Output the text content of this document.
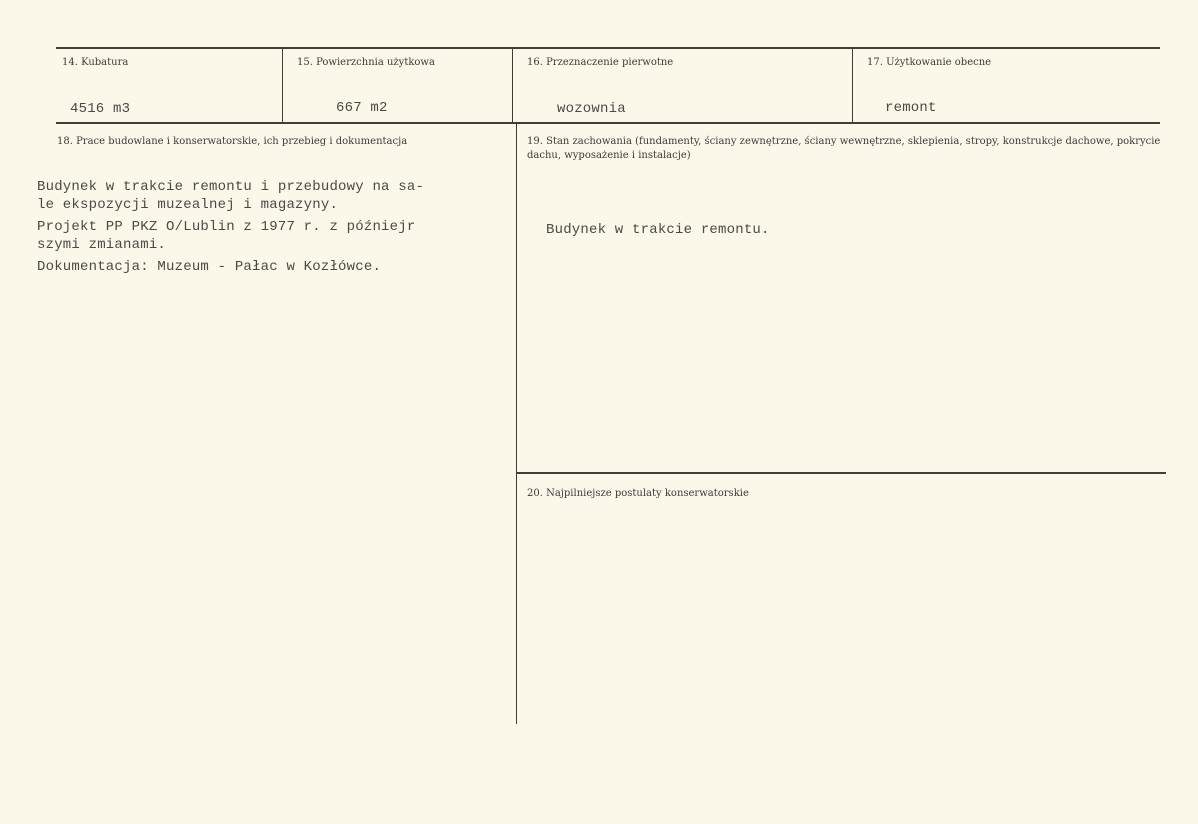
14. Kubatura
4516 m3
15. Powierzchnia użytkowa
667 m2
16. Przeznaczenie pierwotne
wozownia
17. Użytkowanie obecne
remont
18. Prace budowlane i konserwatorskie, ich przebieg i dokumentacja
Budynek w trakcie remontu i przebudowy na sa-
le ekspozycji muzealnej i magazyny.
Projekt PP PKZ O/Lublin z 1977 r. z późniejr
szymi zmianami.
Dokumentacja: Muzeum - Pałac w Kozłówce.
19. Stan zachowania (fundamenty, ściany zewnętrzne, ściany wewnętrzne, sklepienia, stropy, konstrukcje dachowe, pokrycie dachu, wyposażenie i instalacje)
Budynek w trakcie remontu.
20. Najpilniejsze postulaty konserwatorskie
